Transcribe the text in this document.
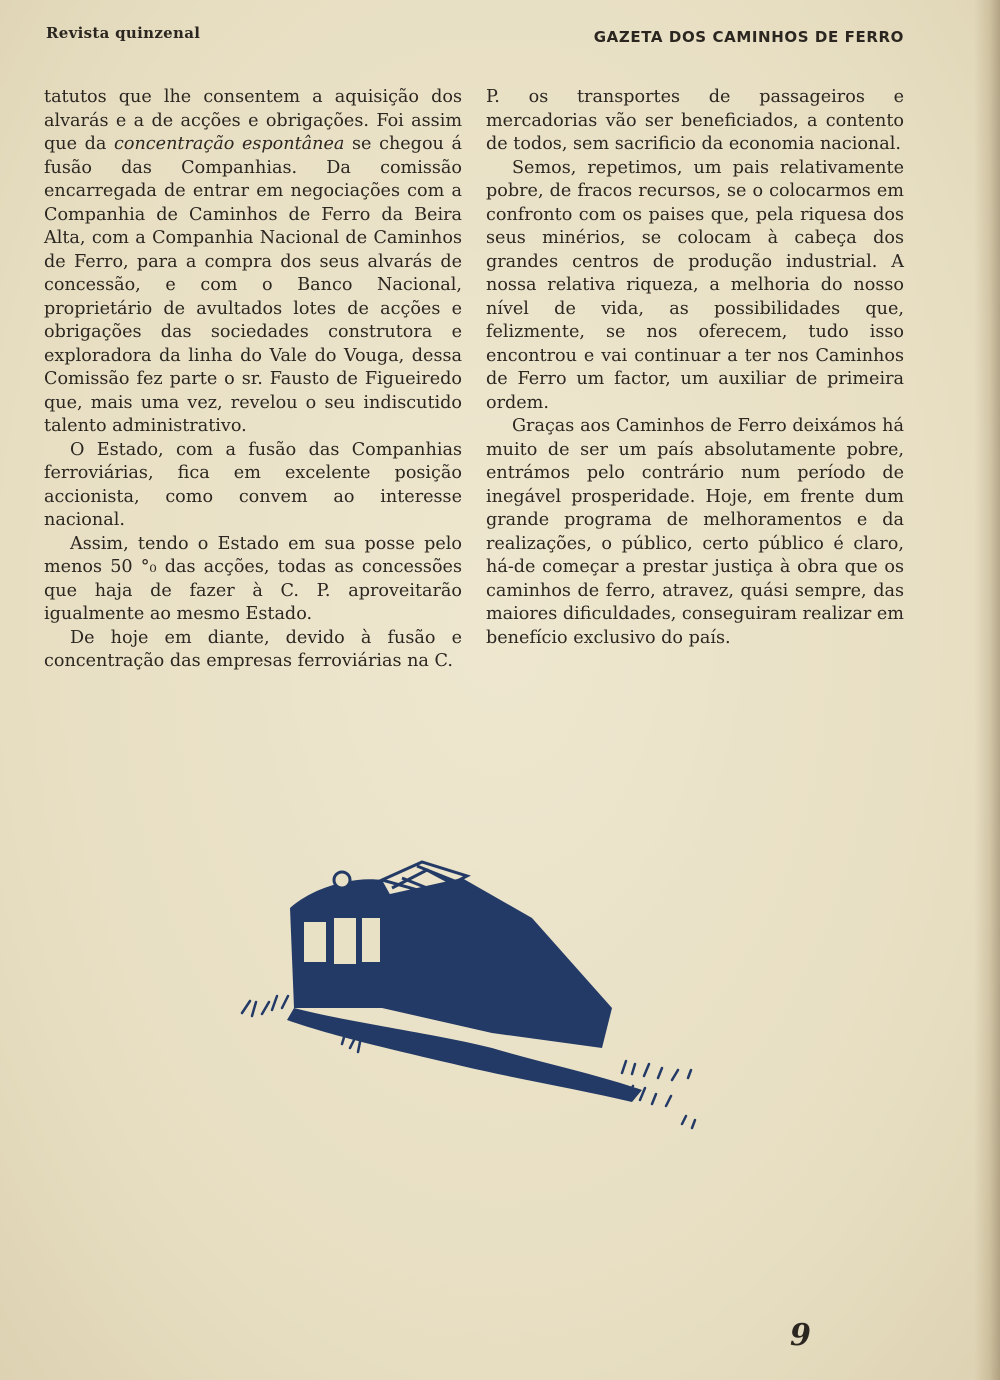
Revista quinzenal	GAZETA DOS CAMINHOS DE FERRO

tatutos que lhe consentem a aquisição dos alvarás e a de acções e obrigações. Foi assim que da concentração espontânea se chegou á fusão das Companhias. Da comissão encarregada de entrar em negociações com a Companhia de Caminhos de Ferro da Beira Alta, com a Companhia Nacional de Caminhos de Ferro, para a compra dos seus alvarás de concessão, e com o Banco Nacional, proprietário de avultados lotes de acções e obrigações das sociedades construtora e exploradora da linha do Vale do Vouga, dessa Comissão fez parte o sr. Fausto de Figueiredo que, mais uma vez, revelou o seu indiscutido talento administrativo.

O Estado, com a fusão das Companhias ferroviárias, fica em excelente posição accionista, como convem ao interesse nacional.

Assim, tendo o Estado em sua posse pelo menos 50 °₀ das acções, todas as concessões que haja de fazer à C. P. aproveitarão igualmente ao mesmo Estado.

De hoje em diante, devido à fusão e concentração das empresas ferroviárias na C.

P. os transportes de passageiros e mercadorias vão ser beneficiados, a contento de todos, sem sacrificio da economia nacional.

Semos, repetimos, um pais relativamente pobre, de fracos recursos, se o colocarmos em confronto com os paises que, pela riquesa dos seus minérios, se colocam à cabeça dos grandes centros de produção industrial. A nossa relativa riqueza, a melhoria do nosso nível de vida, as possibilidades que, felizmente, se nos oferecem, tudo isso encontrou e vai continuar a ter nos Caminhos de Ferro um factor, um auxiliar de primeira ordem.

Graças aos Caminhos de Ferro deixámos há muito de ser um país absolutamente pobre, entrámos pelo contrário num período de inegável prosperidade. Hoje, em frente dum grande programa de melhoramentos e da realizações, o público, certo público é claro, há-de começar a prestar justiça à obra que os caminhos de ferro, atravez, quási sempre, das maiores dificuldades, conseguiram realizar em benefício exclusivo do país.

9
